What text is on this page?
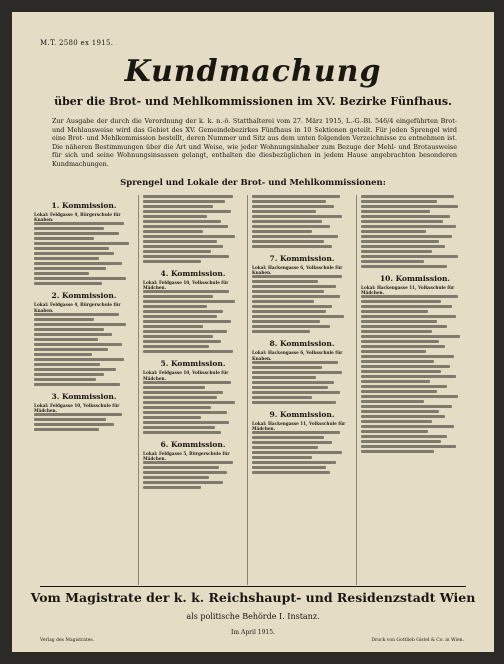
M.T. 2580 ex 1915.
Kundmachung
über die Brot- und Mehlkommissionen im XV. Bezirke Fünfhaus.
Zur Ausgabe der durch die Verordnung der k. k. n.-ö. Statthalterei vom 27. März 1915, L.-G.-Bl. 546/4 eingeführten Brot- und Mehlausweise wird das Gebiet des XV. Gemeindebezirkes Fünfhaus in 10 Sektionen geteilt. Für jeden Sprengel wird eine Brot- und Mehlkommission bestellt, deren Nummer und Sitz aus dem unten folgenden Verzeichnisse zu entnehmen ist. Die näheren Bestimmungen über die Art und Weise, wie jeder Wohnungsinhaber zum Bezuge der Mehl- und Brotausweise für sich und seine Wohnungsinsassen gelangt, enthalten die diesbezüglichen in jedem Hause angebrachten besonderen Kundmachungen.
Sprengel und Lokale der Brot- und Mehlkommissionen:
1. Kommission.
Lokal: Feldgasse 4, Bürgerschule für Knaben.
2. Kommission.
Lokal: Feldgasse 4, Bürgerschule für Knaben.
3. Kommission.
Lokal: Feldgasse 10, Volksschule für Mädchen.
4. Kommission.
Lokal: Feldgasse 10, Volksschule für Mädchen.
5. Kommission.
Lokal: Feldgasse 10, Volksschule für Mädchen.
6. Kommission.
Lokal: Feldgasse 5, Bürgerschule für Mädchen.
7. Kommission.
Lokal: Hackengasse 6, Volksschule für Knaben.
8. Kommission.
Lokal: Hackengasse 6, Volksschule für Knaben.
9. Kommission.
Lokal: Hackengasse 11, Volksschule für Mädchen.
10. Kommission.
Lokal: Hackengasse 11, Volksschule für Mädchen.
Vom Magistrate der k. k. Reichshaupt- und Residenzstadt Wien
als politische Behörde I. Instanz.
Im April 1915.
Verlag des Magistrates.	Druck von Gottlieb Gistel & Co. in Wien.
